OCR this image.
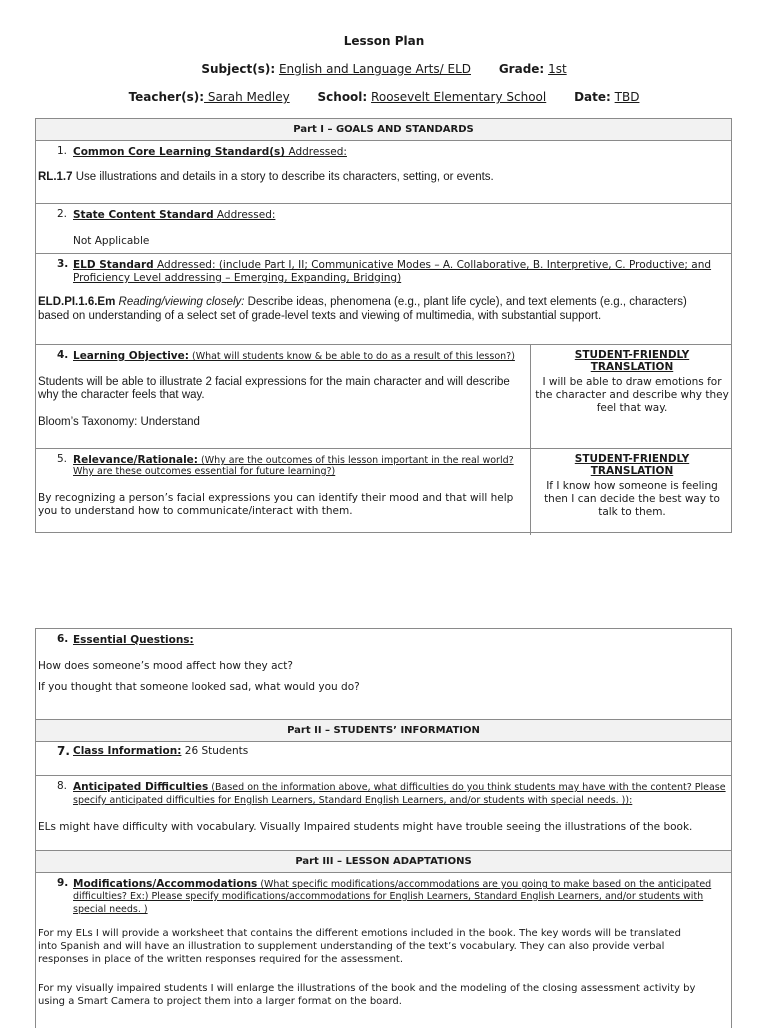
Lesson Plan
Subject(s): English and Language Arts/ ELD Grade: 1st
Teacher(s): Sarah Medley School: Roosevelt Elementary School Date: TBD
Part I – GOALS AND STANDARDS
1. Common Core Learning Standard(s) Addressed:
RL.1.7 Use illustrations and details in a story to describe its characters, setting, or events.
2. State Content Standard Addressed:
Not Applicable
3. ELD Standard Addressed: (include Part I, II; Communicative Modes – A. Collaborative, B. Interpretive, C. Productive; and
Proficiency Level addressing – Emerging, Expanding, Bridging)
ELD.PI.1.6.Em Reading/viewing closely: Describe ideas, phenomena (e.g., plant life cycle), and text elements (e.g., characters)
based on understanding of a select set of grade-level texts and viewing of multimedia, with substantial support.
4. Learning Objective: (What will students know & be able to do as a result of this lesson?)
Students will be able to illustrate 2 facial expressions for the main character and will describe
why the character feels that way.
Bloom’s Taxonomy: Understand
STUDENT-FRIENDLY TRANSLATION
I will be able to draw emotions for
the character and describe why they
feel that way.
5. Relevance/Rationale: (Why are the outcomes of this lesson important in the real world?
Why are these outcomes essential for future learning?)
By recognizing a person’s facial expressions you can identify their mood and that will help
you to understand how to communicate/interact with them.
STUDENT-FRIENDLY TRANSLATION
If I know how someone is feeling
then I can decide the best way to
talk to them.
6. Essential Questions:
How does someone’s mood affect how they act?
If you thought that someone looked sad, what would you do?
Part II – STUDENTS’ INFORMATION
7. Class Information: 26 Students
8. Anticipated Difficulties (Based on the information above, what difficulties do you think students may have with the content? Please
specify anticipated difficulties for English Learners, Standard English Learners, and/or students with special needs. )):
ELs might have difficulty with vocabulary. Visually Impaired students might have trouble seeing the illustrations of the book.
Part III – LESSON ADAPTATIONS
9. Modifications/Accommodations (What specific modifications/accommodations are you going to make based on the anticipated
difficulties? Ex:) Please specify modifications/accommodations for English Learners, Standard English Learners, and/or students with
special needs. )
For my ELs I will provide a worksheet that contains the different emotions included in the book. The key words will be translated
into Spanish and will have an illustration to supplement understanding of the text’s vocabulary. They can also provide verbal
responses in place of the written responses required for the assessment.
For my visually impaired students I will enlarge the illustrations of the book and the modeling of the closing assessment activity by
using a Smart Camera to project them into a larger format on the board.
